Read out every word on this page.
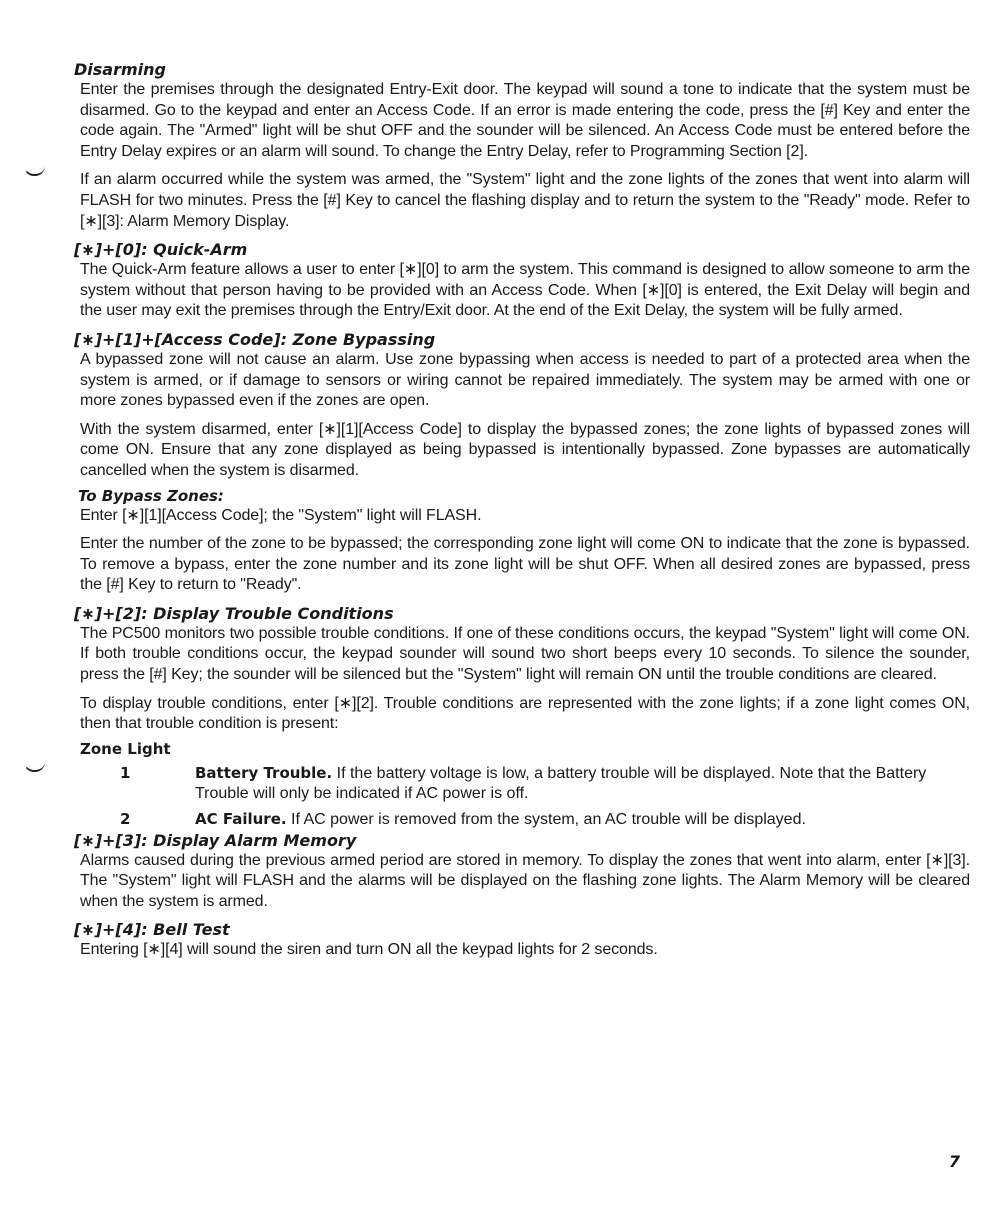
Disarming

Enter the premises through the designated Entry-Exit door. The keypad will sound a tone to indicate that the system must be disarmed. Go to the keypad and enter an Access Code. If an error is made entering the code, press the [#] Key and enter the code again. The "Armed" light will be shut OFF and the sounder will be silenced. An Access Code must be entered before the Entry Delay expires or an alarm will sound. To change the Entry Delay, refer to Programming Section [2].

If an alarm occurred while the system was armed, the "System" light and the zone lights of the zones that went into alarm will FLASH for two minutes. Press the [#] Key to cancel the flashing display and to return the system to the "Ready" mode. Refer to [∗][3]: Alarm Memory Display.

[∗]+[0]: Quick-Arm

The Quick-Arm feature allows a user to enter [∗][0] to arm the system. This command is designed to allow someone to arm the system without that person having to be provided with an Access Code. When [∗][0] is entered, the Exit Delay will begin and the user may exit the premises through the Entry/Exit door. At the end of the Exit Delay, the system will be fully armed.

[∗]+[1]+[Access Code]: Zone Bypassing

A bypassed zone will not cause an alarm. Use zone bypassing when access is needed to part of a protected area when the system is armed, or if damage to sensors or wiring cannot be repaired immediately. The system may be armed with one or more zones bypassed even if the zones are open.

With the system disarmed, enter [∗][1][Access Code] to display the bypassed zones; the zone lights of bypassed zones will come ON. Ensure that any zone displayed as being bypassed is intentionally bypassed. Zone bypasses are automatically cancelled when the system is disarmed.

To Bypass Zones:

Enter [∗][1][Access Code]; the "System" light will FLASH.

Enter the number of the zone to be bypassed; the corresponding zone light will come ON to indicate that the zone is bypassed. To remove a bypass, enter the zone number and its zone light will be shut OFF. When all desired zones are bypassed, press the [#] Key to return to "Ready".

[∗]+[2]: Display Trouble Conditions

The PC500 monitors two possible trouble conditions. If one of these conditions occurs, the keypad "System" light will come ON. If both trouble conditions occur, the keypad sounder will sound two short beeps every 10 seconds. To silence the sounder, press the [#] Key; the sounder will be silenced but the "System" light will remain ON until the trouble conditions are cleared.

To display trouble conditions, enter [∗][2]. Trouble conditions are represented with the zone lights; if a zone light comes ON, then that trouble condition is present:

Zone Light
1	Battery Trouble. If the battery voltage is low, a battery trouble will be displayed. Note that the Battery Trouble will only be indicated if AC power is off.
2	AC Failure. If AC power is removed from the system, an AC trouble will be displayed.
[∗]+[3]: Display Alarm Memory

Alarms caused during the previous armed period are stored in memory. To display the zones that went into alarm, enter [∗][3]. The "System" light will FLASH and the alarms will be displayed on the flashing zone lights. The Alarm Memory will be cleared when the system is armed.

[∗]+[4]: Bell Test

Entering [∗][4] will sound the siren and turn ON all the keypad lights for 2 seconds.

7
